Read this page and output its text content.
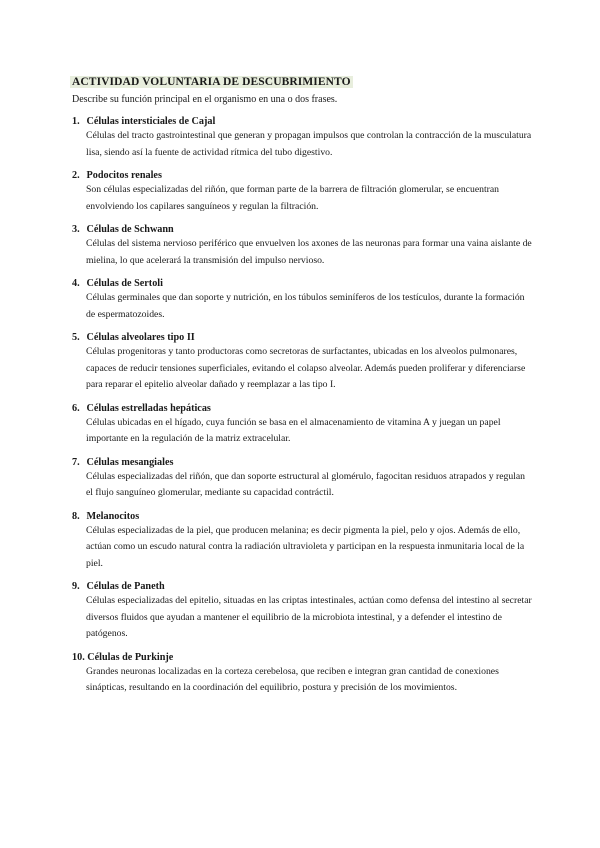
ACTIVIDAD VOLUNTARIA DE DESCUBRIMIENTO
Describe su función principal en el organismo en una o dos frases.
1. Células intersticiales de Cajal
Células del tracto gastrointestinal que generan y propagan impulsos que controlan la contracción de la musculatura lisa, siendo así la fuente de actividad rítmica del tubo digestivo.
2. Podocitos renales
Son células especializadas del riñón, que forman parte de la barrera de filtración glomerular, se encuentran envolviendo los capilares sanguíneos y regulan la filtración.
3. Células de Schwann
Células del sistema nervioso periférico que envuelven los axones de las neuronas para formar una vaina aislante de mielina, lo que acelerará la transmisión del impulso nervioso.
4. Células de Sertoli
Células germinales que dan soporte y nutrición, en los túbulos seminíferos de los testículos, durante la formación de espermatozoides.
5. Células alveolares tipo II
Células progenitoras y tanto productoras como secretoras de surfactantes, ubicadas en los alveolos pulmonares, capaces de reducir tensiones superficiales, evitando el colapso alveolar. Además pueden proliferar y diferenciarse para reparar el epitelio alveolar dañado y reemplazar a las tipo I.
6. Células estrelladas hepáticas
Células ubicadas en el hígado, cuya función se basa en el almacenamiento de vitamina A y juegan un papel importante en la regulación de la matriz extracelular.
7. Células mesangiales
Células especializadas del riñón, que dan soporte estructural al glomérulo, fagocitan residuos atrapados y regulan el flujo sanguíneo glomerular, mediante su capacidad contráctil.
8. Melanocitos
Células especializadas de la piel, que producen melanina; es decir pigmenta la piel, pelo y ojos. Además de ello, actúan como un escudo natural contra la radiación ultravioleta y participan en la respuesta inmunitaria local de la piel.
9. Células de Paneth
Células especializadas del epitelio, situadas en las criptas intestinales, actúan como defensa del intestino al secretar diversos fluidos que ayudan a mantener el equilibrio de la microbiota intestinal, y a defender el intestino de patógenos.
10. Células de Purkinje
Grandes neuronas localizadas en la corteza cerebelosa, que reciben e integran gran cantidad de conexiones sinápticas, resultando en la coordinación del equilibrio, postura y precisión de los movimientos.
